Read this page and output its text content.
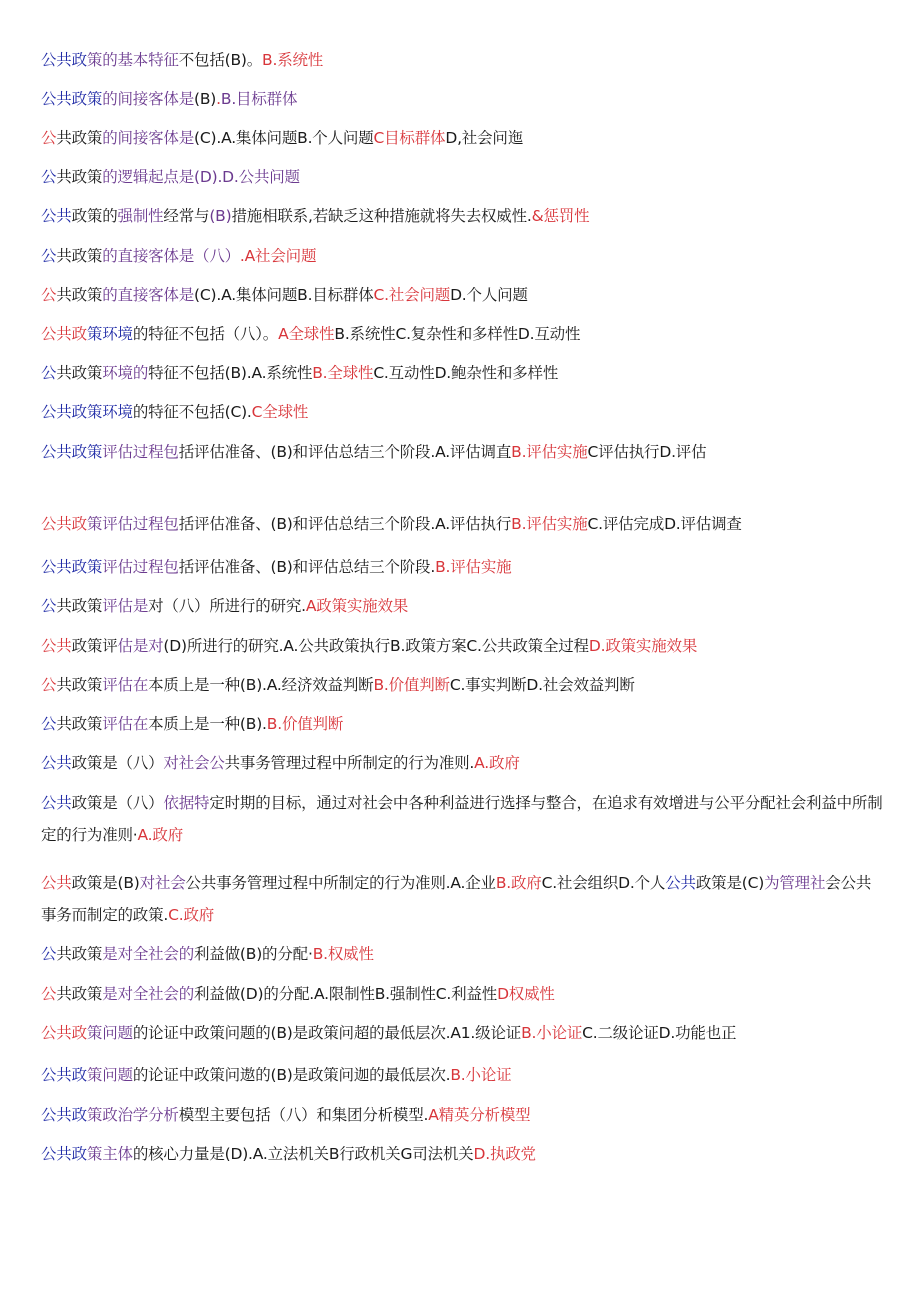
公共政策的基本特征不包括(B)。B.系统性
公共政策的间接客体是(B).B.目标群体
公共政策的间接客体是(C).A.集体问题B.个人问题C目标群体D,社会问迤
公共政策的逻辑起点是(D).D.公共问题
公共政策的强制性经常与(B)措施相联系,若缺乏这种措施就将失去权威性.&惩罚性
公共政策的直接客体是（八）.A社会问题
公共政策的直接客体是(C).A.集体问题B.目标群体C.社会问题D.个人问题
公共政策环境的特征不包括（八）。A全球性B.系统性C.复杂性和多样性D.互动性
公共政策环境的特征不包括(B).A.系统性B.全球性C.互动性D.鲍杂性和多样性
公共政策环境的特征不包括(C).C全球性
公共政策评估过程包括评估准备、(B)和评估总结三个阶段.A.评估调直B.评估实施C评估执行D.评估
公共政策评估过程包括评估准备、(B)和评估总结三个阶段.A.评估执行B.评估实施C.评估完成D.评估调查
公共政策评估过程包括评估准备、(B)和评估总结三个阶段.B.评估实施
公共政策评估是对（八）所进行的研究.A政策实施效果
公共政策评估是对(D)所进行的研究.A.公共政策执行B.政策方案C.公共政策全过程D.政策实施效果
公共政策评估在本质上是一种(B).A.经济效益判断B.价值判断C.事实判断D.社会效益判断
公共政策评估在本质上是一种(B).B.价值判断
公共政策是（八）对社会公共事务管理过程中所制定的行为准则.A.政府
公共政策是（八）依据特定时期的目标，通过对社会中各种利益进行选择与整合，在追求有效增进与公平分配社会利益中所制定的行为准则·A.政府
公共政策是(B)对社会公共事务管理过程中所制定的行为准则.A.企业B.政府C.社会组织D.个人公共政策是(C)为管理社会公共事务而制定的政策.C.政府
公共政策是对全社会的利益做(B)的分配·B.权威性
公共政策是对全社会的利益做(D)的分配.A.限制性B.强制性C.利益性D权威性
公共政策问题的论证中政策问题的(B)是政策问超的最低层次.A1.级论证B.小论证C.二级论证D.功能也正
公共政策问题的论证中政策问遨的(B)是政策问迦的最低层次.B.小论证
公共政策政治学分析模型主要包括（八）和集团分析模型.A精英分析模型
公共政策主体的核心力量是(D).A.立法机关B行政机关G司法机关D.执政党
